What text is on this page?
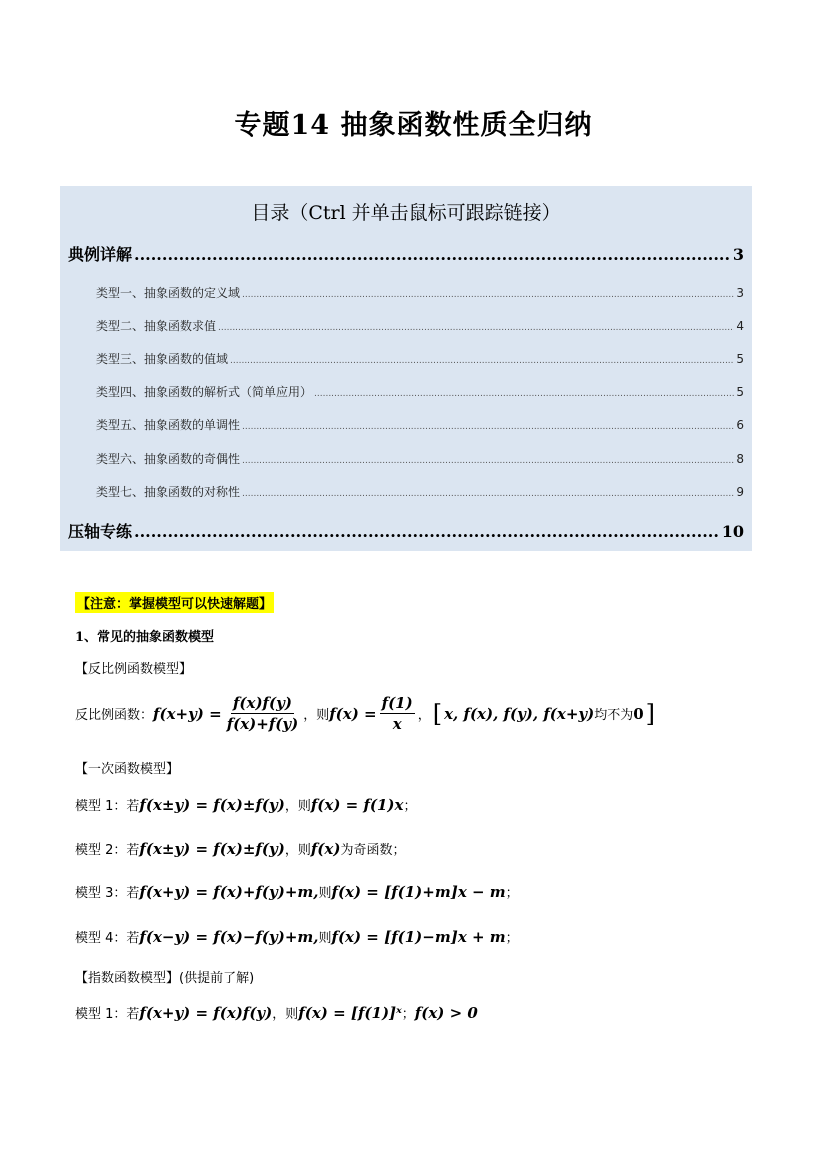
专题14 抽象函数性质全归纳
目录（Ctrl 并单击鼠标可跟踪链接）
典例详解 .....	3
类型一、抽象函数的定义域 .....	3
类型二、抽象函数求值 .....	4
类型三、抽象函数的值域 .....	5
类型四、抽象函数的解析式（简单应用） .....	5
类型五、抽象函数的单调性 .....	6
类型六、抽象函数的奇偶性 .....	8
类型七、抽象函数的对称性 .....	9
压轴专练 .....	10
【注意：掌握模型可以快速解题】
1、常见的抽象函数模型
【反比例函数模型】
反比例函数： $f(x+y) = \frac{f(x)f(y)}{f(x)+f(y)}$ ，则 $f(x) = \frac{f(1)}{x}$ ， [ x, f(x), f(y), f(x+y) 均不为 0 ]
【一次函数模型】
模型 1：若 f(x±y) = f(x)±f(y) ，则 f(x) = f(1)x ；
模型 2：若 f(x±y) = f(x)±f(y) ，则 f(x) 为奇函数；
模型 3：若 f(x+y) = f(x)+f(y)+m, 则 f(x) = [f(1)+m]x − m ；
模型 4：若 f(x−y) = f(x)−f(y)+m, 则 f(x) = [f(1)−m]x + m ；
【指数函数模型】(供提前了解)
模型 1：若 f(x+y) = f(x)f(y) ，则 f(x) = [f(1)]ˣ ； f(x) > 0
